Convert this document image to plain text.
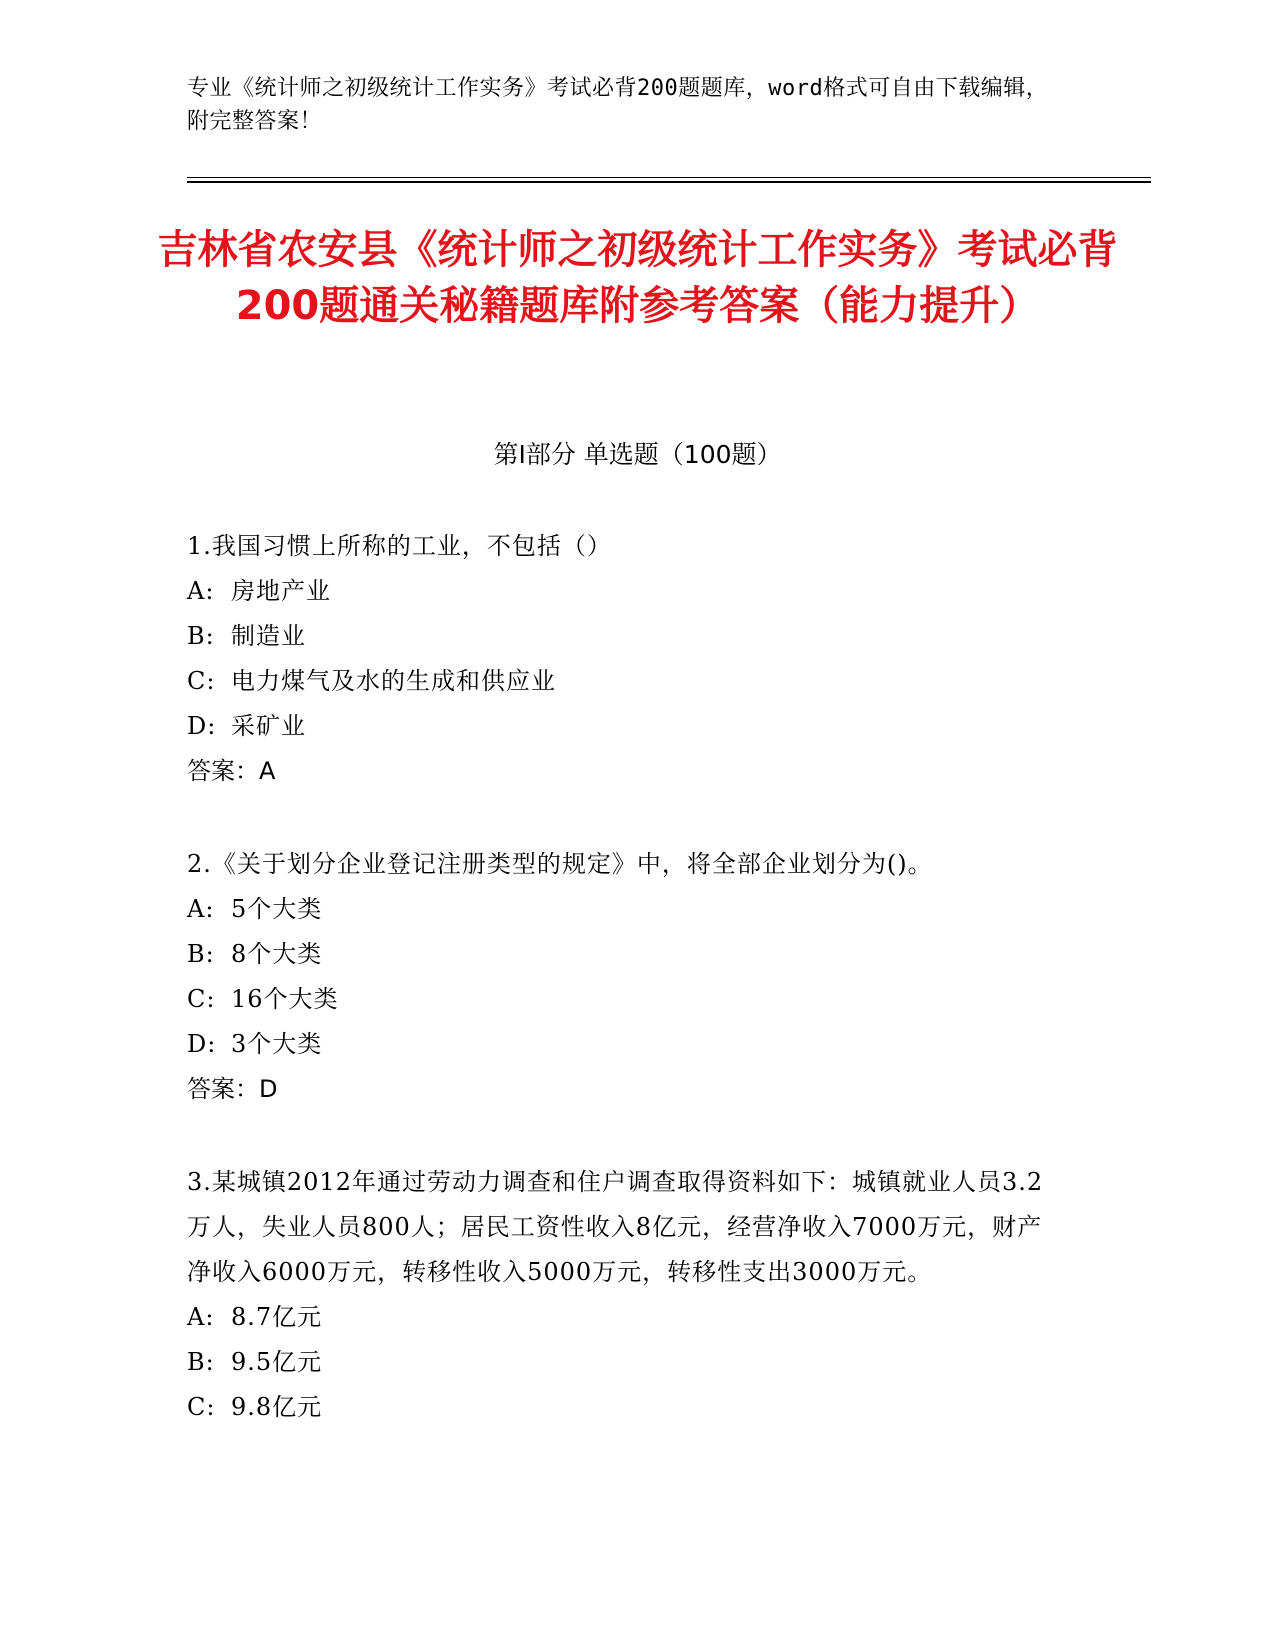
专业《统计师之初级统计工作实务》考试必背200题题库，word格式可自由下载编辑，附完整答案！
吉林省农安县《统计师之初级统计工作实务》考试必背200题通关秘籍题库附参考答案（能力提升）
第I部分 单选题（100题）
1.我国习惯上所称的工业，不包括（）
A: 房地产业
B: 制造业
C: 电力煤气及水的生成和供应业
D: 采矿业
答案：A
2.《关于划分企业登记注册类型的规定》中，将全部企业划分为()。
A: 5个大类
B: 8个大类
C: 16个大类
D: 3个大类
答案：D
3.某城镇2012年通过劳动力调查和住户调查取得资料如下：城镇就业人员3.2万人，失业人员800人；居民工资性收入8亿元，经营净收入7000万元，财产净收入6000万元，转移性收入5000万元，转移性支出3000万元。
A: 8.7亿元
B: 9.5亿元
C: 9.8亿元
